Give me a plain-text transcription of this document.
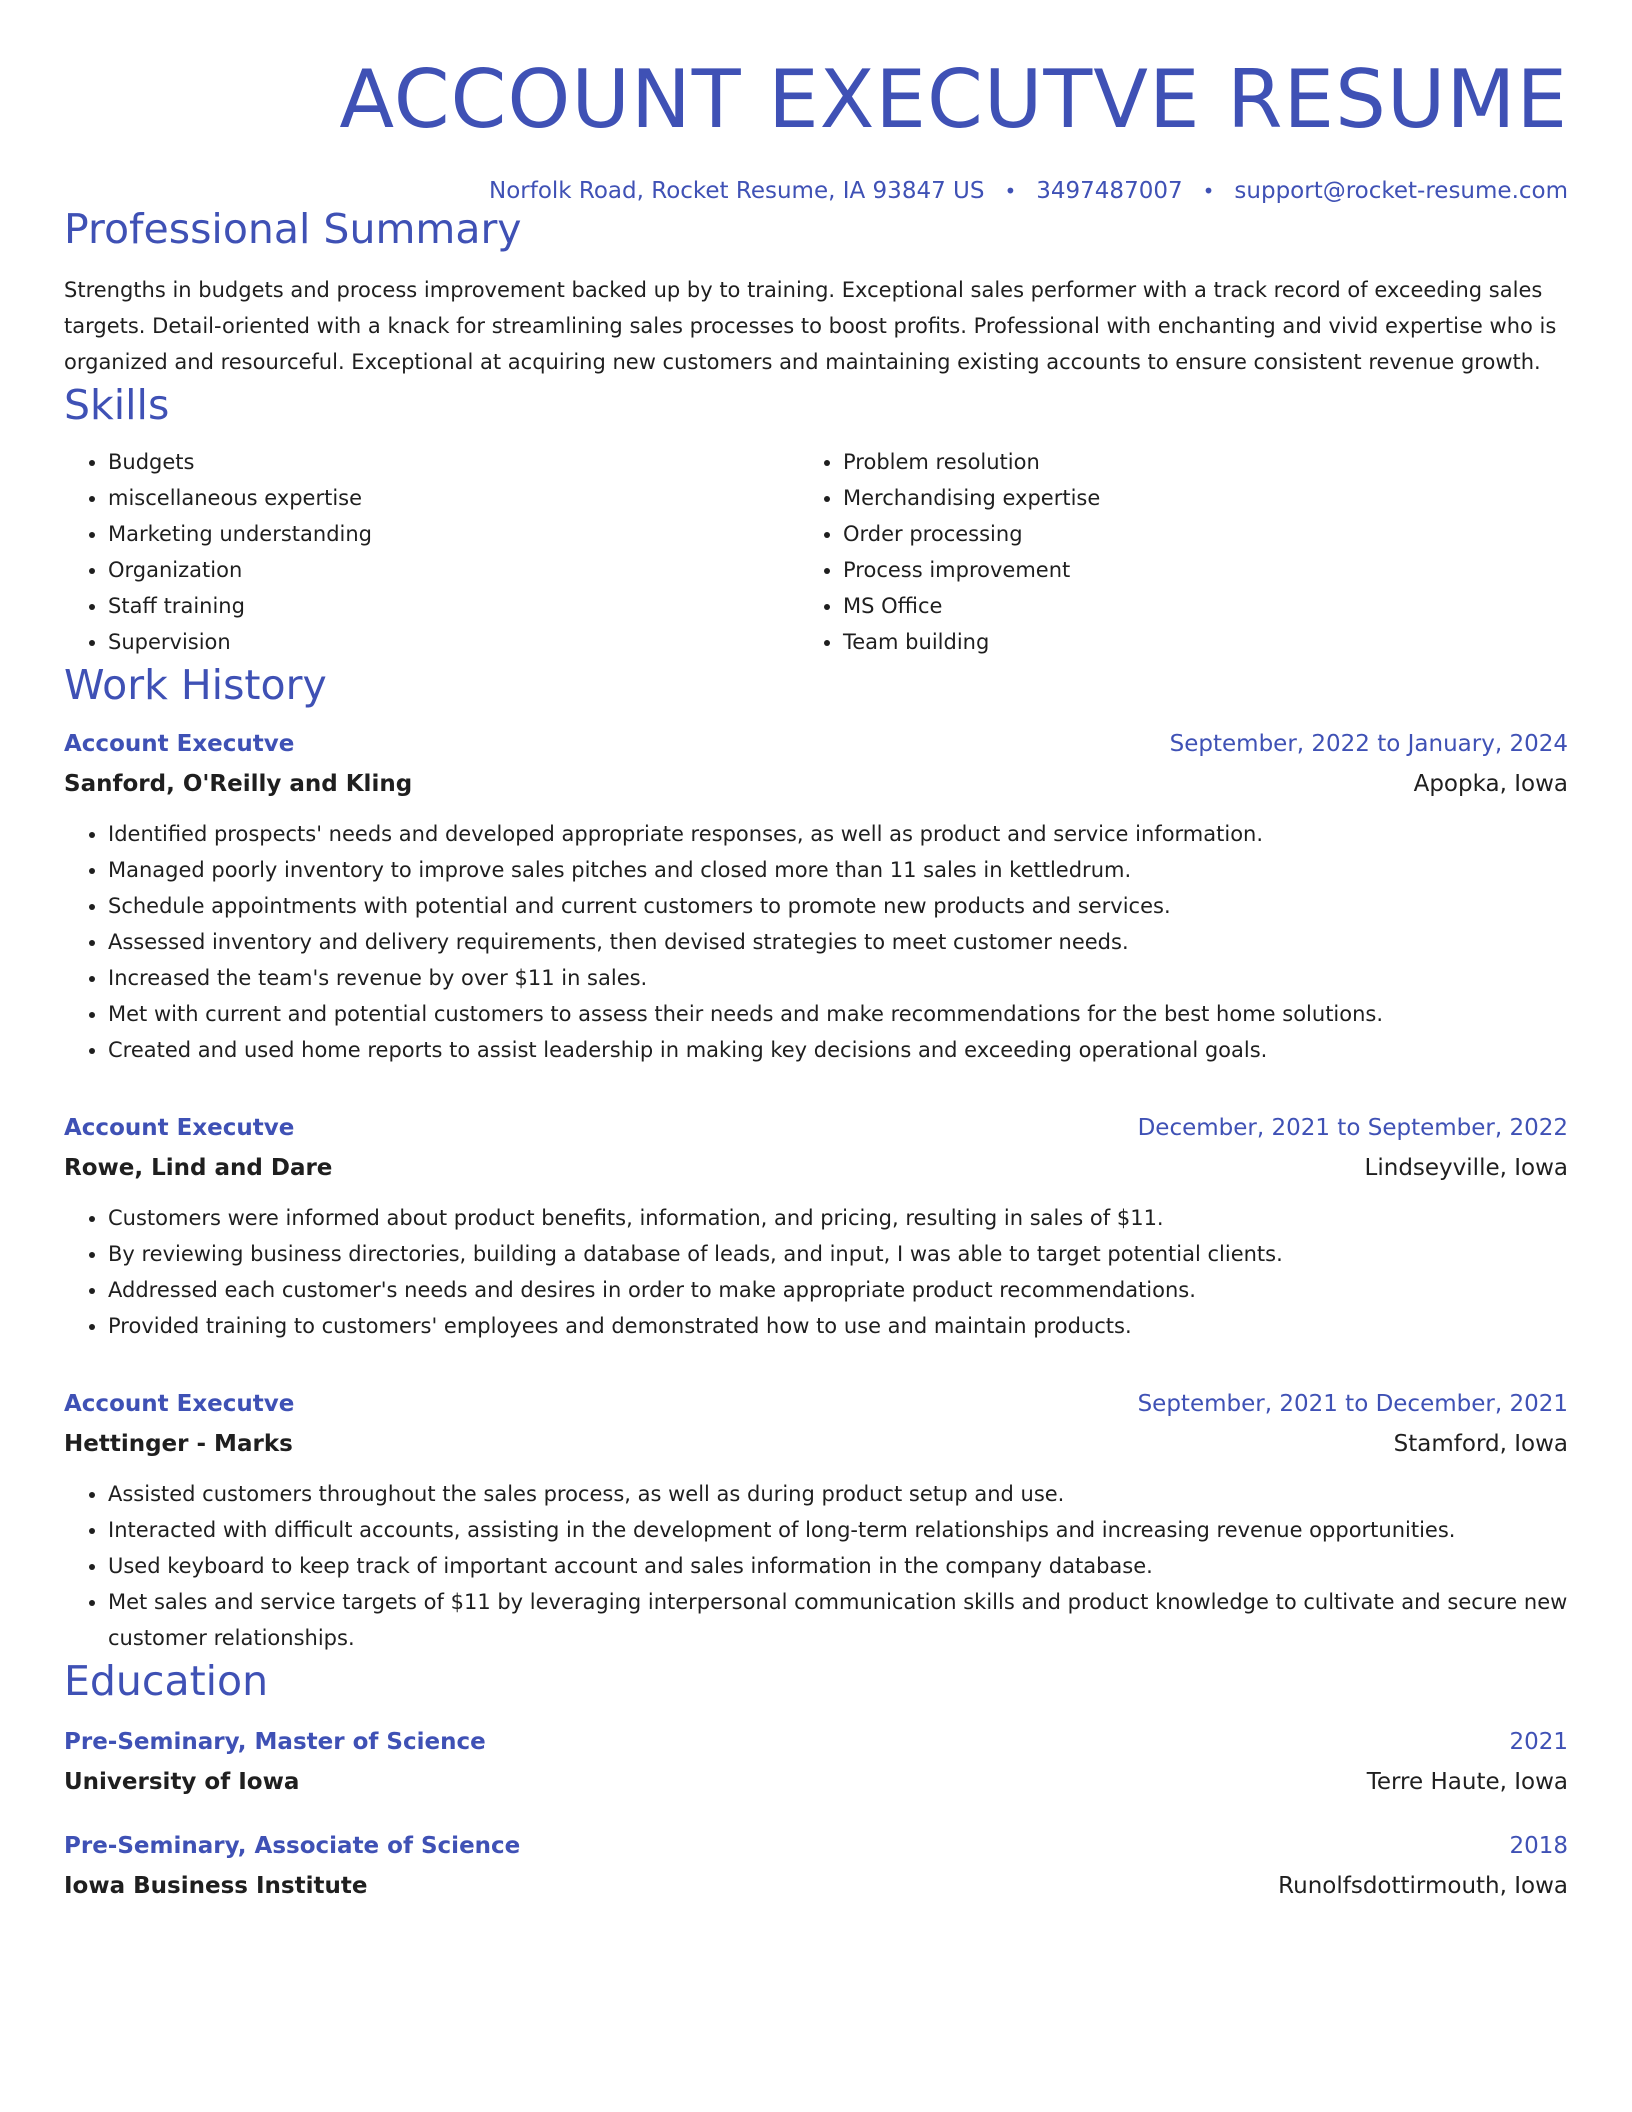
ACCOUNT EXECUTVE RESUME
Norfolk Road, Rocket Resume, IA 93847 US • 3497487007 • support@rocket-resume.com
Professional Summary

Strengths in budgets and process improvement backed up by to training. Exceptional sales performer with a track record of exceeding sales targets. Detail-oriented with a knack for streamlining sales processes to boost profits. Professional with enchanting and vivid expertise who is organized and resourceful. Exceptional at acquiring new customers and maintaining existing accounts to ensure consistent revenue growth.

Skills
• Budgets
• miscellaneous expertise
• Marketing understanding
• Organization
• Staff training
• Supervision
• Problem resolution
• Merchandising expertise
• Order processing
• Process improvement
• MS Office
• Team building
Work History
Account Executve	September, 2022 to January, 2024
Sanford, O'Reilly and Kling	Apopka, Iowa
• Identified prospects' needs and developed appropriate responses, as well as product and service information.
• Managed poorly inventory to improve sales pitches and closed more than 11 sales in kettledrum.
• Schedule appointments with potential and current customers to promote new products and services.
• Assessed inventory and delivery requirements, then devised strategies to meet customer needs.
• Increased the team's revenue by over $11 in sales.
• Met with current and potential customers to assess their needs and make recommendations for the best home solutions.
• Created and used home reports to assist leadership in making key decisions and exceeding operational goals.
Account Executve	December, 2021 to September, 2022
Rowe, Lind and Dare	Lindseyville, Iowa
• Customers were informed about product benefits, information, and pricing, resulting in sales of $11.
• By reviewing business directories, building a database of leads, and input, I was able to target potential clients.
• Addressed each customer's needs and desires in order to make appropriate product recommendations.
• Provided training to customers' employees and demonstrated how to use and maintain products.
Account Executve	September, 2021 to December, 2021
Hettinger - Marks	Stamford, Iowa
• Assisted customers throughout the sales process, as well as during product setup and use.
• Interacted with difficult accounts, assisting in the development of long-term relationships and increasing revenue opportunities.
• Used keyboard to keep track of important account and sales information in the company database.
• Met sales and service targets of $11 by leveraging interpersonal communication skills and product knowledge to cultivate and secure new customer relationships.
Education
Pre-Seminary, Master of Science	2021
University of Iowa	Terre Haute, Iowa
Pre-Seminary, Associate of Science	2018
Iowa Business Institute	Runolfsdottirmouth, Iowa
